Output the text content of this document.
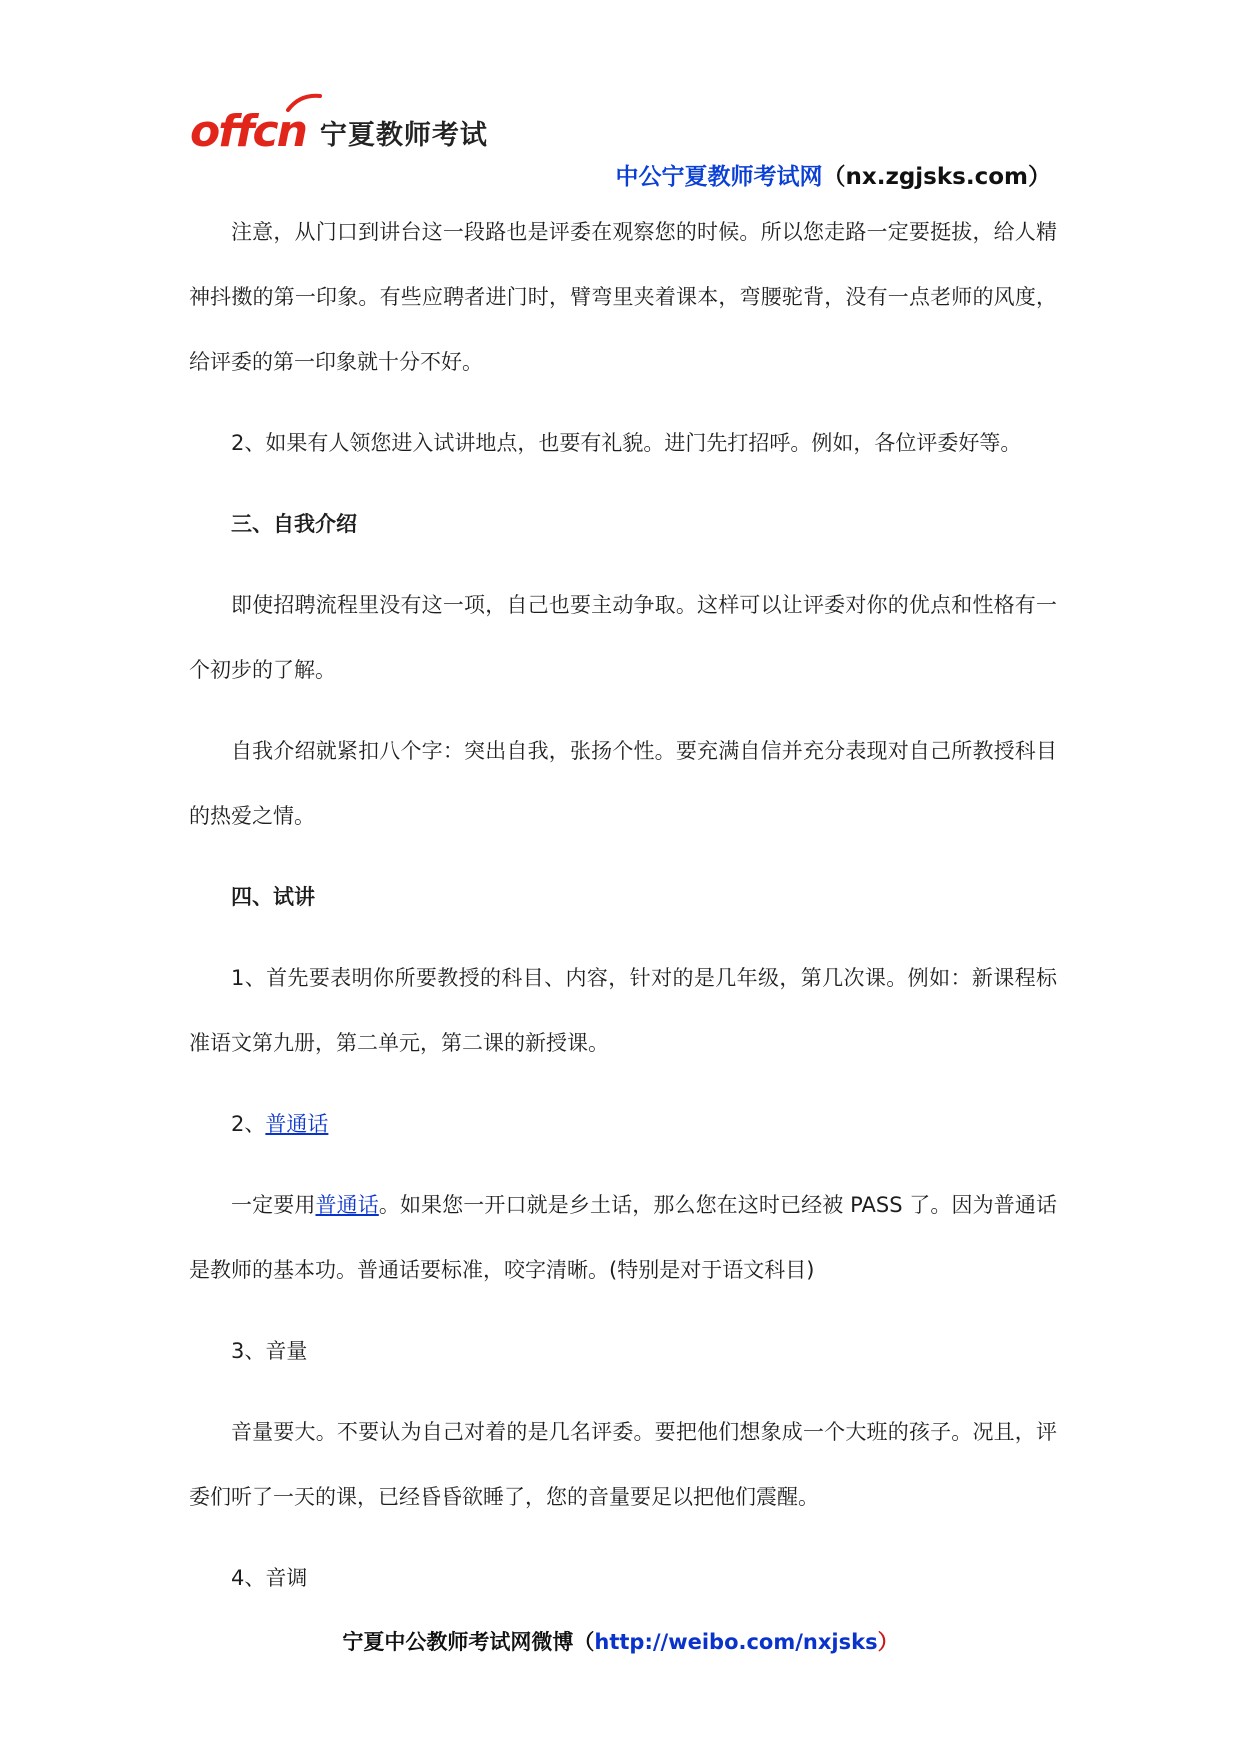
offcn 宁夏教师考试
中公宁夏教师考试网（nx.zgjsks.com）

注意，从门口到讲台这一段路也是评委在观察您的时候。所以您走路一定要挺拔，给人精神抖擞的第一印象。有些应聘者进门时，臂弯里夹着课本，弯腰驼背，没有一点老师的风度，给评委的第一印象就十分不好。

2、如果有人领您进入试讲地点，也要有礼貌。进门先打招呼。例如，各位评委好等。

三、自我介绍

即使招聘流程里没有这一项，自己也要主动争取。这样可以让评委对你的优点和性格有一个初步的了解。

自我介绍就紧扣八个字：突出自我，张扬个性。要充满自信并充分表现对自己所教授科目的热爱之情。

四、试讲

1、首先要表明你所要教授的科目、内容，针对的是几年级，第几次课。例如：新课程标准语文第九册，第二单元，第二课的新授课。

2、普通话

一定要用普通话。如果您一开口就是乡土话，那么您在这时已经被 PASS 了。因为普通话是教师的基本功。普通话要标准，咬字清晰。(特别是对于语文科目)

3、音量

音量要大。不要认为自己对着的是几名评委。要把他们想象成一个大班的孩子。况且，评委们听了一天的课，已经昏昏欲睡了，您的音量要足以把他们震醒。

4、音调

宁夏中公教师考试网微博（http://weibo.com/nxjsks）
